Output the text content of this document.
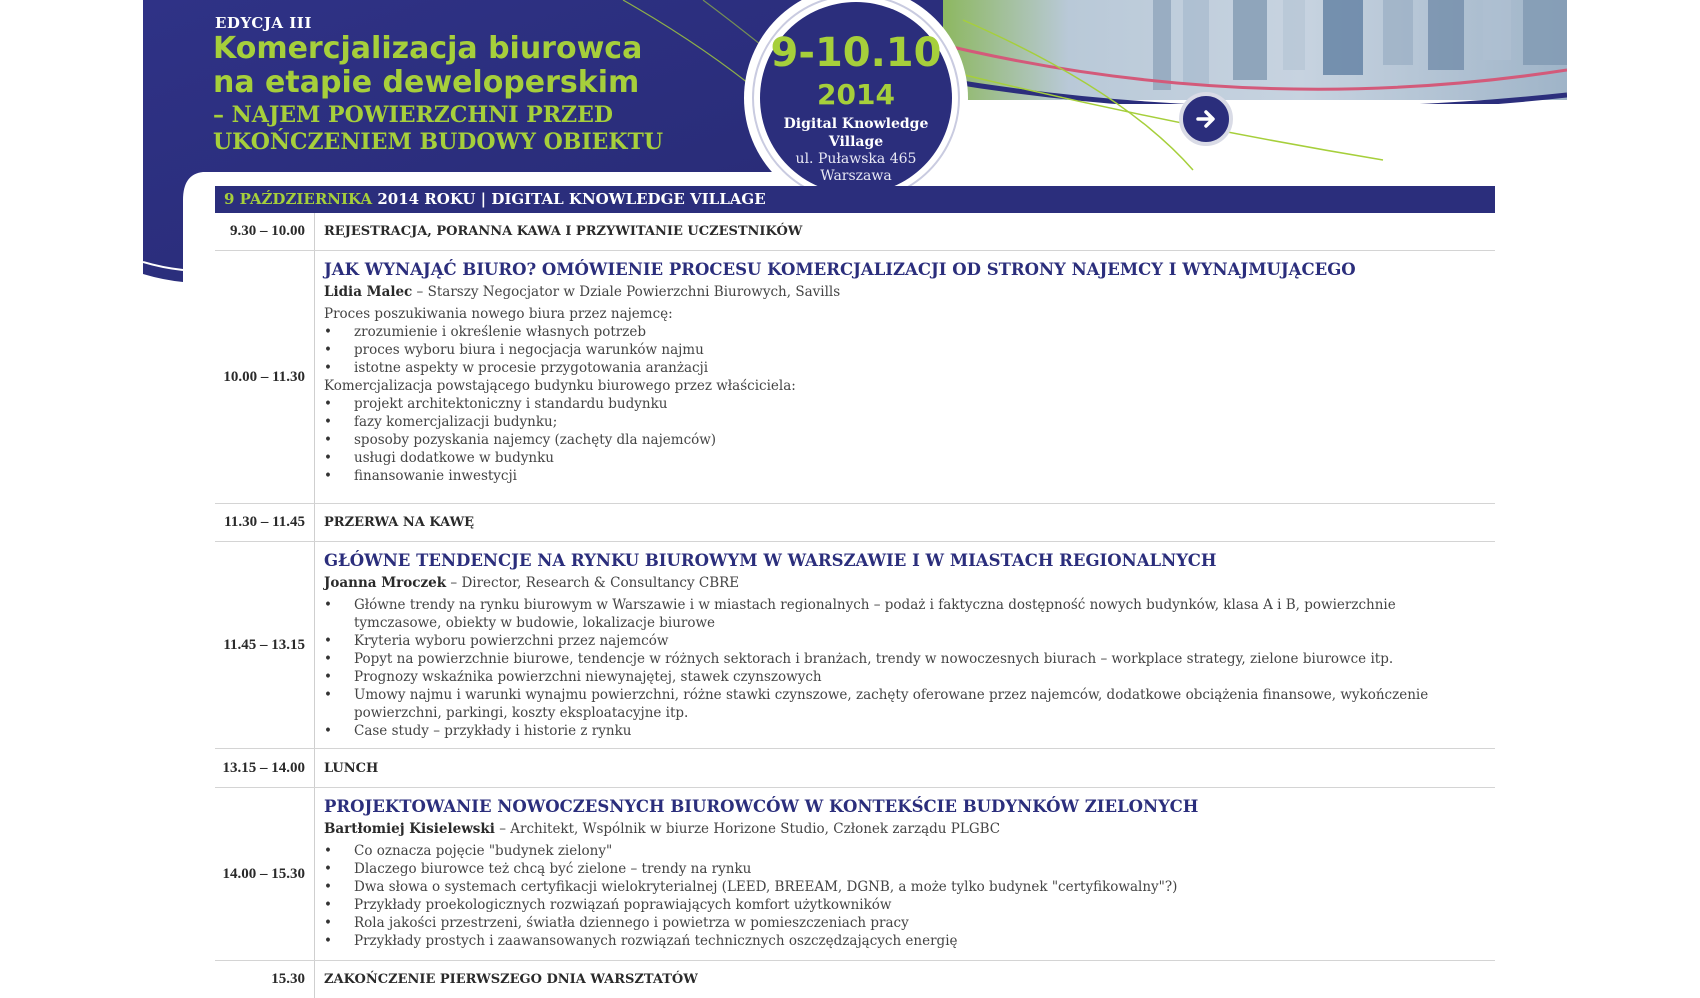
EDYCJA III
Komercjalizacja biurowca
na etapie deweloperskim
– NAJEM POWIERZCHNI PRZED
UKOŃCZENIEM BUDOWY OBIEKTU
9-10.10
2014
Digital Knowledge
Village
ul. Puławska 465
Warszawa
9 PAŹDZIERNIKA 2014 ROKU | DIGITAL KNOWLEDGE VILLAGE
9.30 – 10.00	REJESTRACJA, PORANNA KAWA I PRZYWITANIE UCZESTNIKÓW
10.00 – 11.30
JAK WYNAJĄĆ BIURO? OMÓWIENIE PROCESU KOMERCJALIZACJI OD STRONY NAJEMCY I WYNAJMUJĄCEGO
Lidia Malec – Starszy Negocjator w Dziale Powierzchni Biurowych, Savills
Proces poszukiwania nowego biura przez najemcę:
• zrozumienie i określenie własnych potrzeb
• proces wyboru biura i negocjacja warunków najmu
• istotne aspekty w procesie przygotowania aranżacji
Komercjalizacja powstającego budynku biurowego przez właściciela:
• projekt architektoniczny i standardu budynku
• fazy komercjalizacji budynku;
• sposoby pozyskania najemcy (zachęty dla najemców)
• usługi dodatkowe w budynku
• finansowanie inwestycji
11.30 – 11.45	PRZERWA NA KAWĘ
11.45 – 13.15
GŁÓWNE TENDENCJE NA RYNKU BIUROWYM W WARSZAWIE I W MIASTACH REGIONALNYCH
Joanna Mroczek – Director, Research & Consultancy CBRE
• Główne trendy na rynku biurowym w Warszawie i w miastach regionalnych – podaż i faktyczna dostępność nowych budynków, klasa A i B, powierzchnie tymczasowe, obiekty w budowie, lokalizacje biurowe
• Kryteria wyboru powierzchni przez najemców
• Popyt na powierzchnie biurowe, tendencje w różnych sektorach i branżach, trendy w nowoczesnych biurach – workplace strategy, zielone biurowce itp.
• Prognozy wskaźnika powierzchni niewynajętej, stawek czynszowych
• Umowy najmu i warunki wynajmu powierzchni, różne stawki czynszowe, zachęty oferowane przez najemców, dodatkowe obciążenia finansowe, wykończenie powierzchni, parkingi, koszty eksploatacyjne itp.
• Case study – przykłady i historie z rynku
13.15 – 14.00	LUNCH
14.00 – 15.30
PROJEKTOWANIE NOWOCZESNYCH BIUROWCÓW W KONTEKŚCIE BUDYNKÓW ZIELONYCH
Bartłomiej Kisielewski – Architekt, Wspólnik w biurze Horizone Studio, Członek zarządu PLGBC
• Co oznacza pojęcie "budynek zielony"
• Dlaczego biurowce też chcą być zielone – trendy na rynku
• Dwa słowa o systemach certyfikacji wielokryterialnej (LEED, BREEAM, DGNB, a może tylko budynek "certyfikowalny"?)
• Przykłady proekologicznych rozwiązań poprawiających komfort użytkowników
• Rola jakości przestrzeni, światła dziennego i powietrza w pomieszczeniach pracy
• Przykłady prostych i zaawansowanych rozwiązań technicznych oszczędzających energię
15.30	ZAKOŃCZENIE PIERWSZEGO DNIA WARSZTATÓW
